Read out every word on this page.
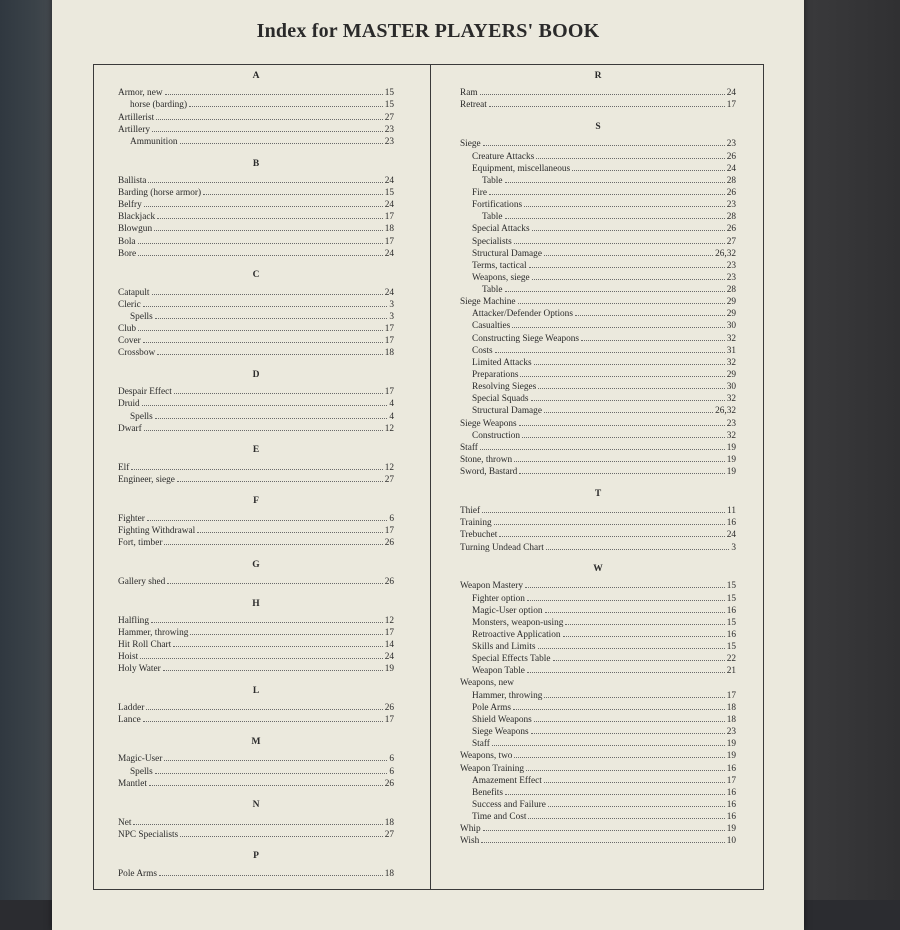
Index for MASTER PLAYERS' BOOK
A
Armor, new	15
horse (barding)	15
Artillerist	27
Artillery	23
Ammunition	23
B
Ballista	24
Barding (horse armor)	15
Belfry	24
Blackjack	17
Blowgun	18
Bola	17
Bore	24
C
Catapult	24
Cleric	3
Spells	3
Club	17
Cover	17
Crossbow	18
D
Despair Effect	17
Druid	4
Spells	4
Dwarf	12
E
Elf	12
Engineer, siege	27
F
Fighter	6
Fighting Withdrawal	17
Fort, timber	26
G
Gallery shed	26
H
Halfling	12
Hammer, throwing	17
Hit Roll Chart	14
Hoist	24
Holy Water	19
L
Ladder	26
Lance	17
M
Magic-User	6
Spells	6
Mantlet	26
N
Net	18
NPC Specialists	27
P
Pole Arms	18
R
Ram	24
Retreat	17
S
Siege	23
Creature Attacks	26
Equipment, miscellaneous	24
Table	28
Fire	26
Fortifications	23
Table	28
Special Attacks	26
Specialists	27
Structural Damage	26,32
Terms, tactical	23
Weapons, siege	23
Table	28
Siege Machine	29
Attacker/Defender Options	29
Casualties	30
Constructing Siege Weapons	32
Costs	31
Limited Attacks	32
Preparations	29
Resolving Sieges	30
Special Squads	32
Structural Damage	26,32
Siege Weapons	23
Construction	32
Staff	19
Stone, thrown	19
Sword, Bastard	19
T
Thief	11
Training	16
Trebuchet	24
Turning Undead Chart	3
W
Weapon Mastery	15
Fighter option	15
Magic-User option	16
Monsters, weapon-using	15
Retroactive Application	16
Skills and Limits	15
Special Effects Table	22
Weapon Table	21
Weapons, new
Hammer, throwing	17
Pole Arms	18
Shield Weapons	18
Siege Weapons	23
Staff	19
Weapons, two	19
Weapon Training	16
Amazement Effect	17
Benefits	16
Success and Failure	16
Time and Cost	16
Whip	19
Wish	10
